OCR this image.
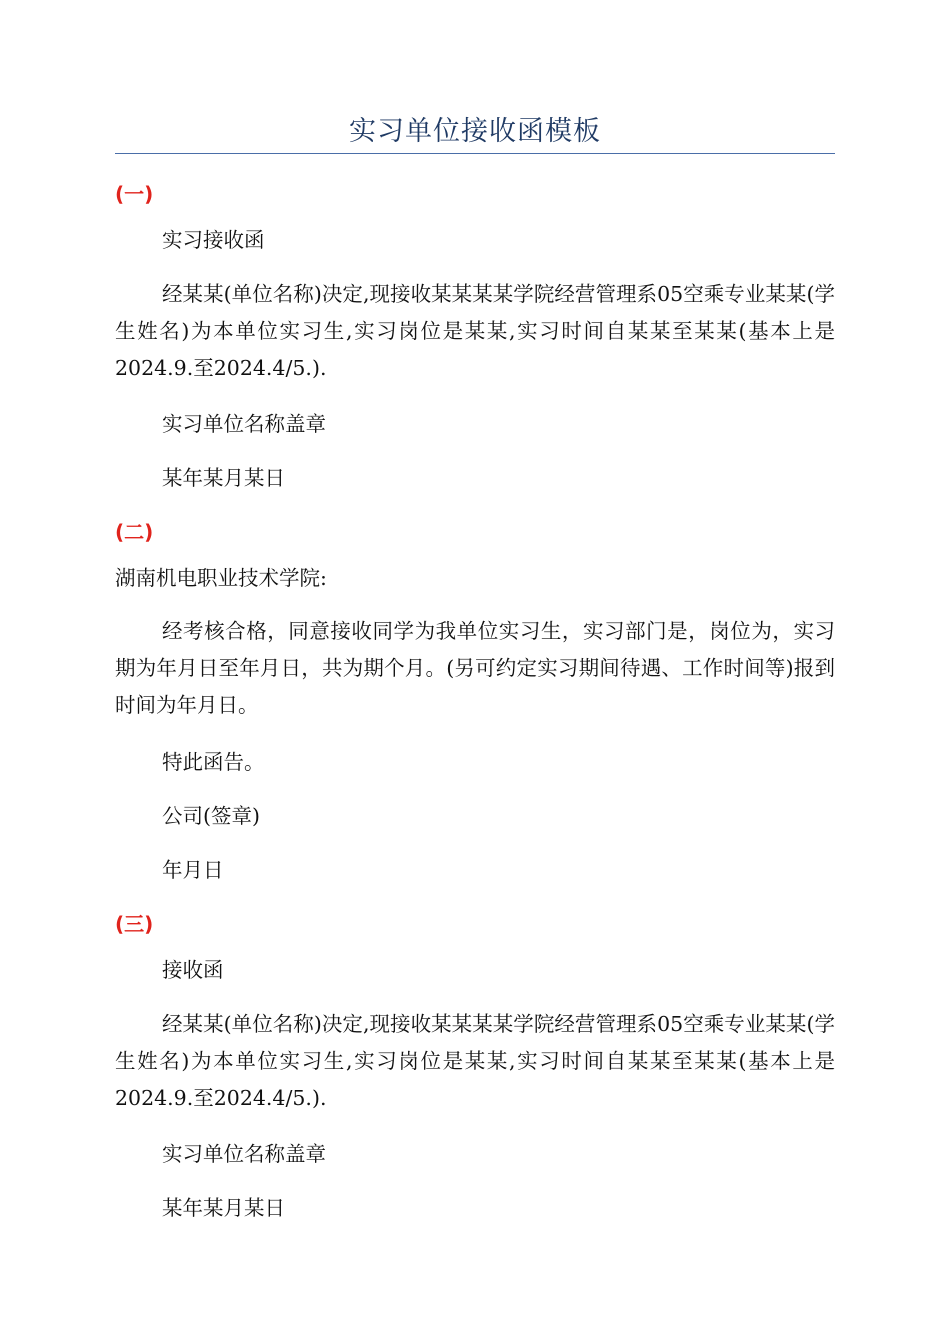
实习单位接收函模板
(一)
实习接收函
经某某(单位名称)决定,现接收某某某某学院经营管理系05空乘专业某某(学生姓名)为本单位实习生,实习岗位是某某,实习时间自某某至某某(基本上是2024.9.至2024.4/5.).
实习单位名称盖章
某年某月某日
(二)
湖南机电职业技术学院:
经考核合格，同意接收同学为我单位实习生，实习部门是，岗位为，实习期为年月日至年月日，共为期个月。(另可约定实习期间待遇、工作时间等)报到时间为年月日。
特此函告。
公司(签章)
年月日
(三)
接收函
经某某(单位名称)决定,现接收某某某某学院经营管理系05空乘专业某某(学生姓名)为本单位实习生,实习岗位是某某,实习时间自某某至某某(基本上是2024.9.至2024.4/5.).
实习单位名称盖章
某年某月某日
